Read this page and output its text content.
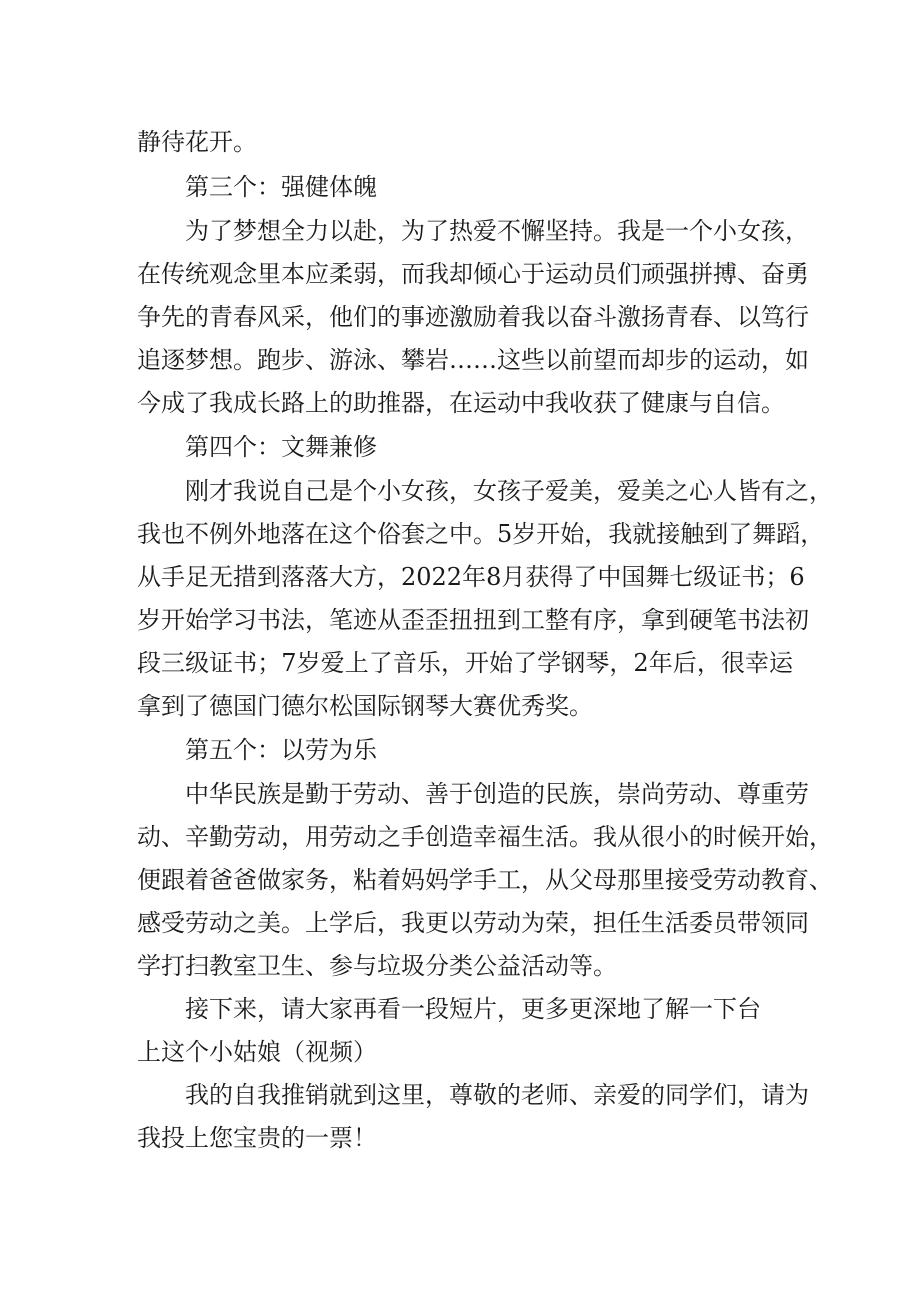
静待花开。
第三个：强健体魄
为了梦想全力以赴，为了热爱不懈坚持。我是一个小女孩，
在传统观念里本应柔弱，而我却倾心于运动员们顽强拼搏、奋勇
争先的青春风采，他们的事迹激励着我以奋斗激扬青春、以笃行
追逐梦想。跑步、游泳、攀岩……这些以前望而却步的运动，如
今成了我成长路上的助推器，在运动中我收获了健康与自信。
第四个：文舞兼修
刚才我说自己是个小女孩，女孩子爱美，爱美之心人皆有之，
我也不例外地落在这个俗套之中。5岁开始，我就接触到了舞蹈，
从手足无措到落落大方，2022年8月获得了中国舞七级证书；6
岁开始学习书法，笔迹从歪歪扭扭到工整有序，拿到硬笔书法初
段三级证书；7岁爱上了音乐，开始了学钢琴，2年后，很幸运
拿到了德国门德尔松国际钢琴大赛优秀奖。
第五个：以劳为乐
中华民族是勤于劳动、善于创造的民族，崇尚劳动、尊重劳
动、辛勤劳动，用劳动之手创造幸福生活。我从很小的时候开始，
便跟着爸爸做家务，粘着妈妈学手工，从父母那里接受劳动教育、
感受劳动之美。上学后，我更以劳动为荣，担任生活委员带领同
学打扫教室卫生、参与垃圾分类公益活动等。
接下来，请大家再看一段短片，更多更深地了解一下台
上这个小姑娘（视频）
我的自我推销就到这里，尊敬的老师、亲爱的同学们，请为
我投上您宝贵的一票！
